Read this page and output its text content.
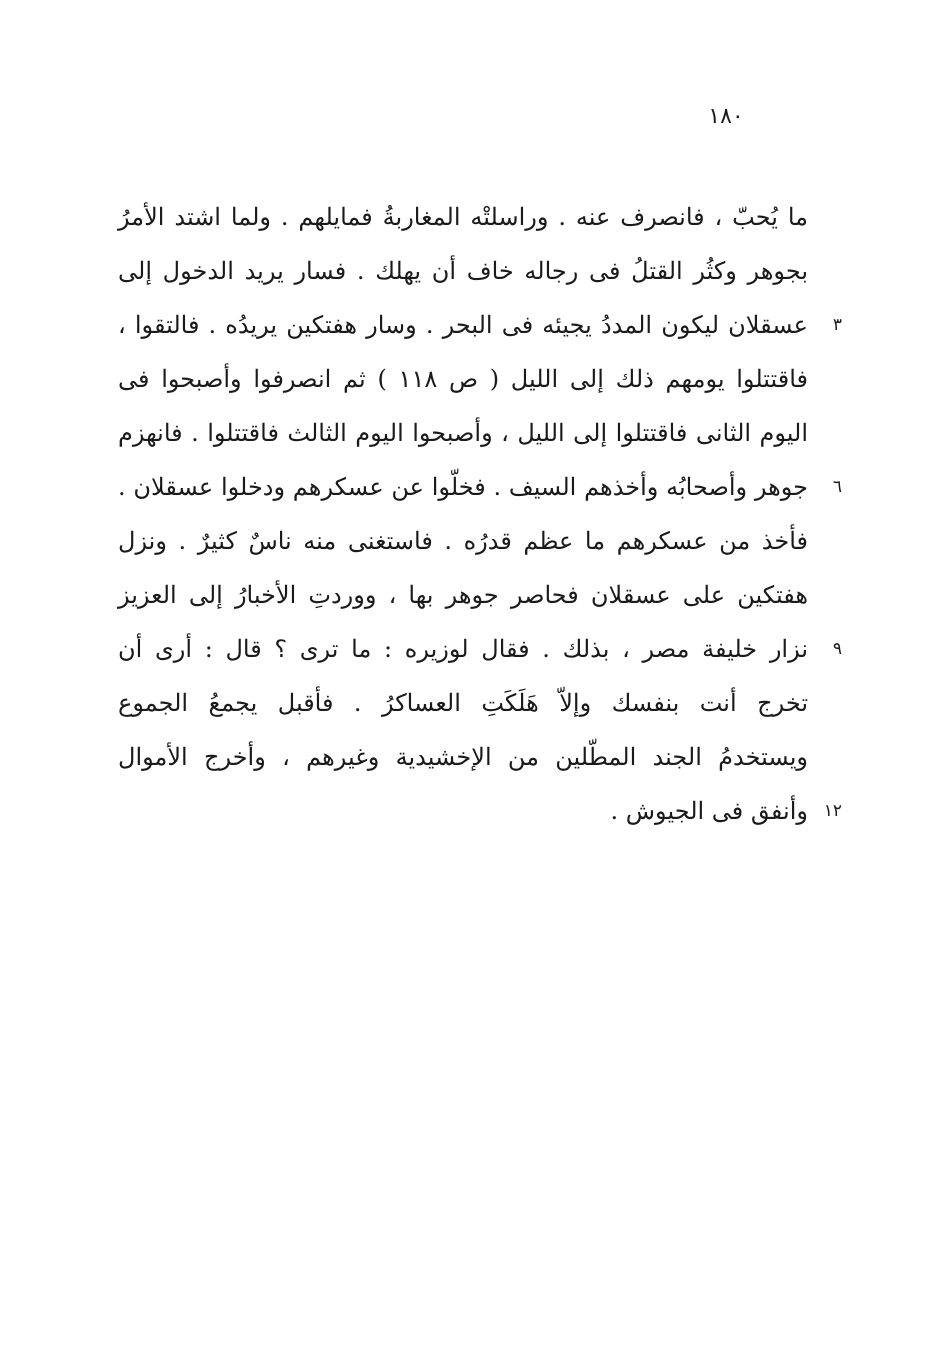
١٨٠
ما يُحبّ ، فانصرف عنه . وراسلتْه المغاربةُ فمايلهم . ولما اشتد الأمرُ
بجوهر وكثُر القتلُ فى رجاله خاف أن يهلك . فسار يريد الدخول إلى
٣
عسقلان ليكون المددُ يجيئه فى البحر . وسار هفتكين يريدُه . فالتقوا ،
فاقتتلوا يومهم ذلك إلى الليل ( ص ١١٨ ) ثم انصرفوا وأصبحوا فى
اليوم الثانى فاقتتلوا إلى الليل ، وأصبحوا اليوم الثالث فاقتتلوا . فانهزم
٦
جوهر وأصحابُه وأخذهم السيف . فخلّوا عن عسكرهم ودخلوا عسقلان .
فأخذ من عسكرهم ما عظم قدرُه . فاستغنى منه ناسٌ كثيرٌ . ونزل
هفتكين على عسقلان فحاصر جوهر بها ، ووردتِ الأخبارُ إلى العزيز
٩
نزار خليفة مصر ، بذلك . فقال لوزيره : ما ترى ؟ قال : أرى أن
تخرج أنت بنفسك وإلاّ هَلَكَتِ العساكرُ . فأقبل يجمعُ الجموع
ويستخدمُ الجند المطّلين من الإخشيدية وغيرهم ، وأخرج الأموال
١٢
وأنفق فى الجيوش .
